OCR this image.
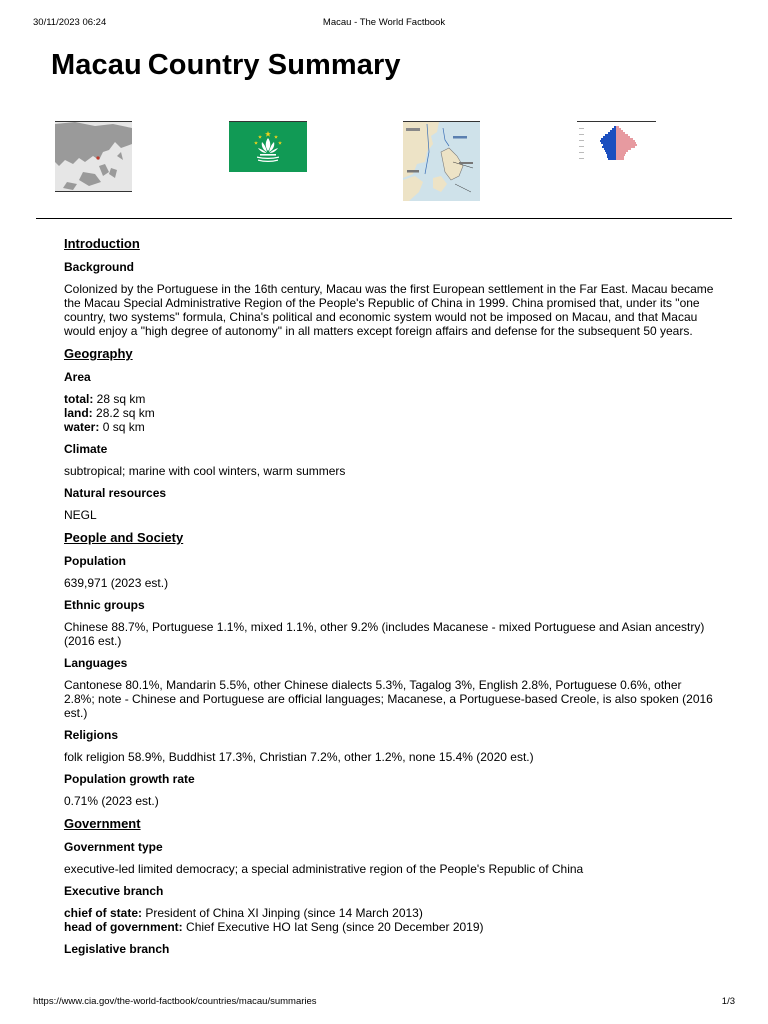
30/11/2023 06:24	Macau - The World Factbook
Macau Country Summary
Introduction
Background

Colonized by the Portuguese in the 16th century, Macau was the first European settlement in the Far East. Macau became the Macau Special Administrative Region of the People's Republic of China in 1999. China promised that, under its "one country, two systems" formula, China's political and economic system would not be imposed on Macau, and that Macau would enjoy a "high degree of autonomy" in all matters except foreign affairs and defense for the subsequent 50 years.

Geography
Area

total: 28 sq km

land: 28.2 sq km

water: 0 sq km

Climate

subtropical; marine with cool winters, warm summers

Natural resources

NEGL

People and Society
Population

639,971 (2023 est.)

Ethnic groups

Chinese 88.7%, Portuguese 1.1%, mixed 1.1%, other 9.2% (includes Macanese - mixed Portuguese and Asian ancestry) (2016 est.)

Languages

Cantonese 80.1%, Mandarin 5.5%, other Chinese dialects 5.3%, Tagalog 3%, English 2.8%, Portuguese 0.6%, other 2.8%; note - Chinese and Portuguese are official languages; Macanese, a Portuguese-based Creole, is also spoken (2016 est.)

Religions

folk religion 58.9%, Buddhist 17.3%, Christian 7.2%, other 1.2%, none 15.4% (2020 est.)

Population growth rate

0.71% (2023 est.)

Government
Government type

executive-led limited democracy; a special administrative region of the People's Republic of China

Executive branch

chief of state: President of China XI Jinping (since 14 March 2013)

head of government: Chief Executive HO Iat Seng (since 20 December 2019)

Legislative branch
https://www.cia.gov/the-world-factbook/countries/macau/summaries	1/3
